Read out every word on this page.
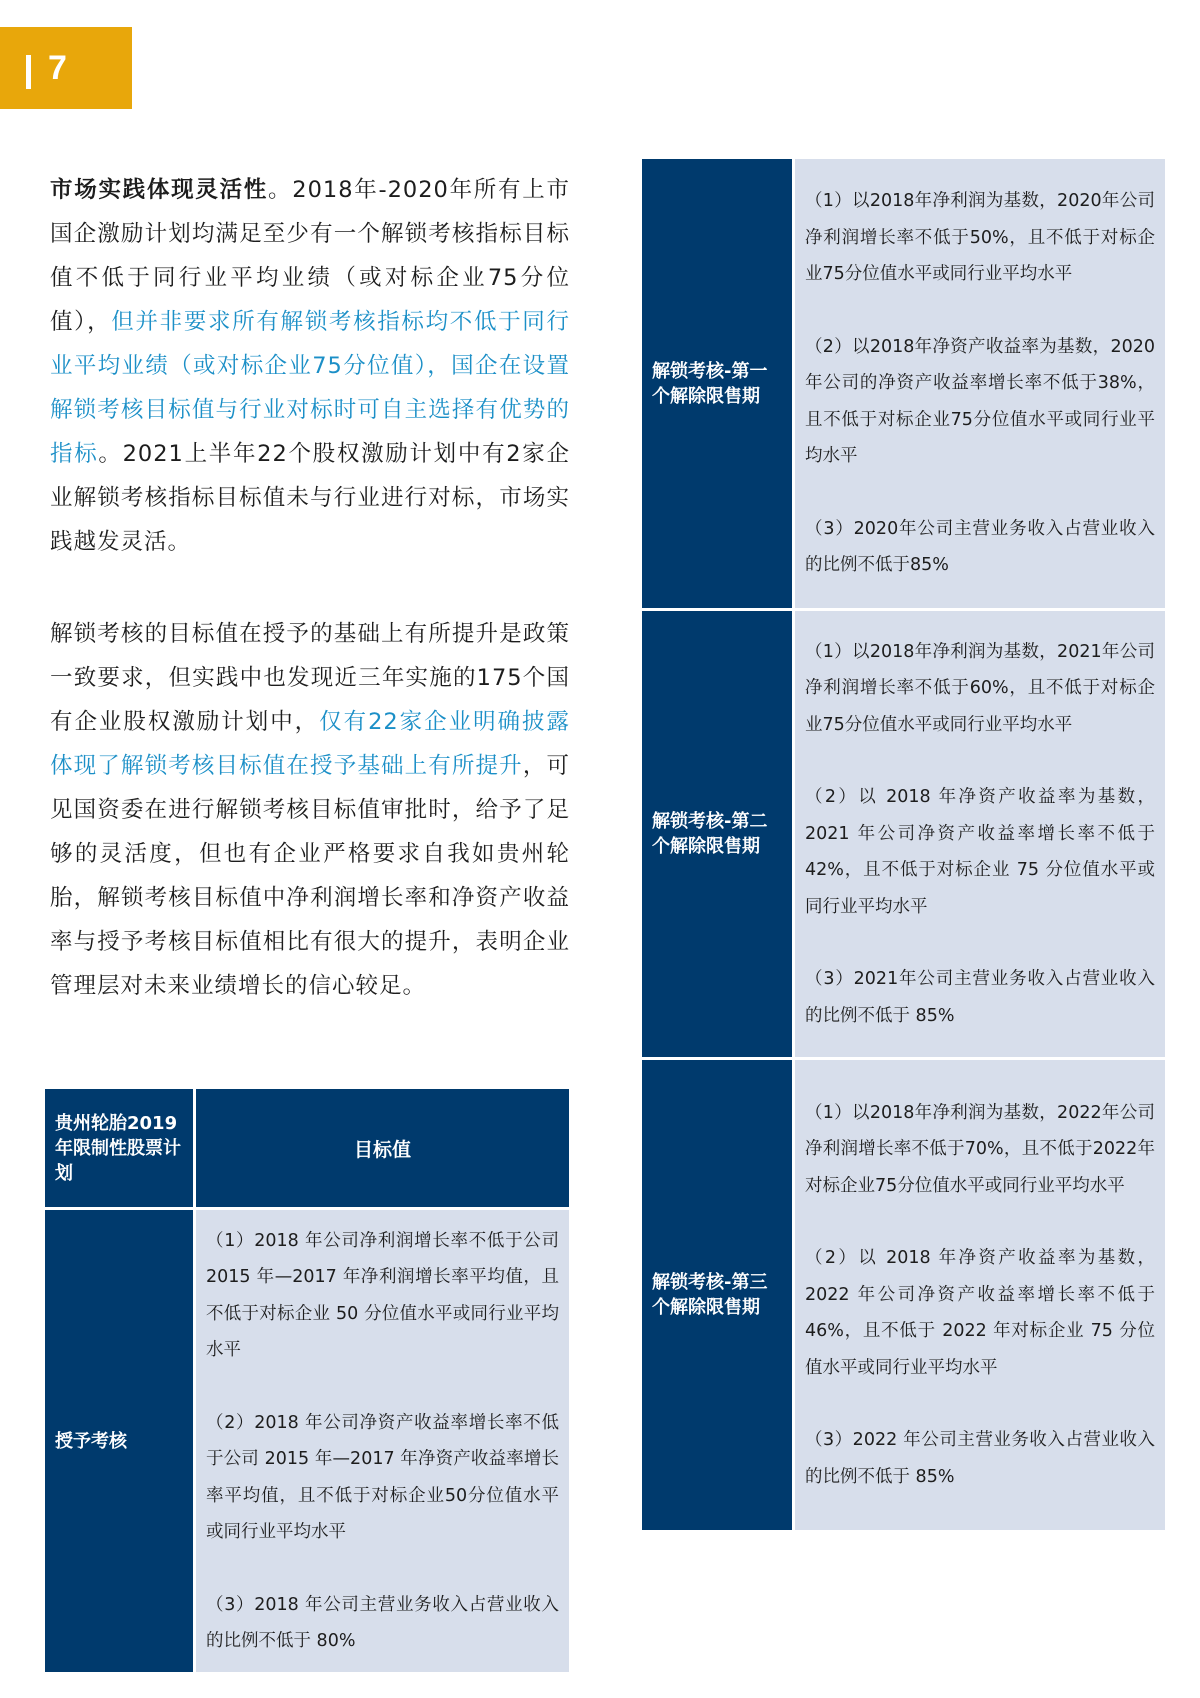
7

市场实践体现灵活性。2018年-2020年所有上市国企激励计划均满足至少有一个解锁考核指标目标值不低于同行业平均业绩（或对标企业75分位值），但并非要求所有解锁考核指标均不低于同行业平均业绩（或对标企业75分位值），国企在设置解锁考核目标值与行业对标时可自主选择有优势的指标。2021上半年22个股权激励计划中有2家企业解锁考核指标目标值未与行业进行对标，市场实践越发灵活。

解锁考核的目标值在授予的基础上有所提升是政策一致要求，但实践中也发现近三年实施的175个国有企业股权激励计划中，仅有22家企业明确披露体现了解锁考核目标值在授予基础上有所提升，可见国资委在进行解锁考核目标值审批时，给予了足够的灵活度，但也有企业严格要求自我如贵州轮胎，解锁考核目标值中净利润增长率和净资产收益率与授予考核目标值相比有很大的提升，表明企业管理层对未来业绩增长的信心较足。

贵州轮胎2019年限制性股票计划	目标值
授予考核	（1）2018 年公司净利润增长率不低于公司 2015 年—2017 年净利润增长率平均值，且不低于对标企业 50 分位值水平或同行业平均水平

（2）2018 年公司净资产收益率增长率不低于公司 2015 年—2017 年净资产收益率增长率平均值，且不低于对标企业50分位值水平或同行业平均水平

（3）2018 年公司主营业务收入占营业收入的比例不低于 80%

解锁考核-第一个解除限售期	（1）以2018年净利润为基数，2020年公司净利润增长率不低于50%，且不低于对标企业75分位值水平或同行业平均水平

（2）以2018年净资产收益率为基数，2020年公司的净资产收益率增长率不低于38%，且不低于对标企业75分位值水平或同行业平均水平

（3）2020年公司主营业务收入占营业收入的比例不低于85%

解锁考核-第二个解除限售期	（1）以2018年净利润为基数，2021年公司净利润增长率不低于60%，且不低于对标企业75分位值水平或同行业平均水平

（2）以 2018 年净资产收益率为基数，2021 年公司净资产收益率增长率不低于42%，且不低于对标企业 75 分位值水平或同行业平均水平

（3）2021年公司主营业务收入占营业收入的比例不低于 85%

解锁考核-第三个解除限售期	（1）以2018年净利润为基数，2022年公司净利润增长率不低于70%，且不低于2022年对标企业75分位值水平或同行业平均水平

（2）以 2018 年净资产收益率为基数，2022 年公司净资产收益率增长率不低于46%，且不低于 2022 年对标企业 75 分位值水平或同行业平均水平

（3）2022 年公司主营业务收入占营业收入的比例不低于 85%
